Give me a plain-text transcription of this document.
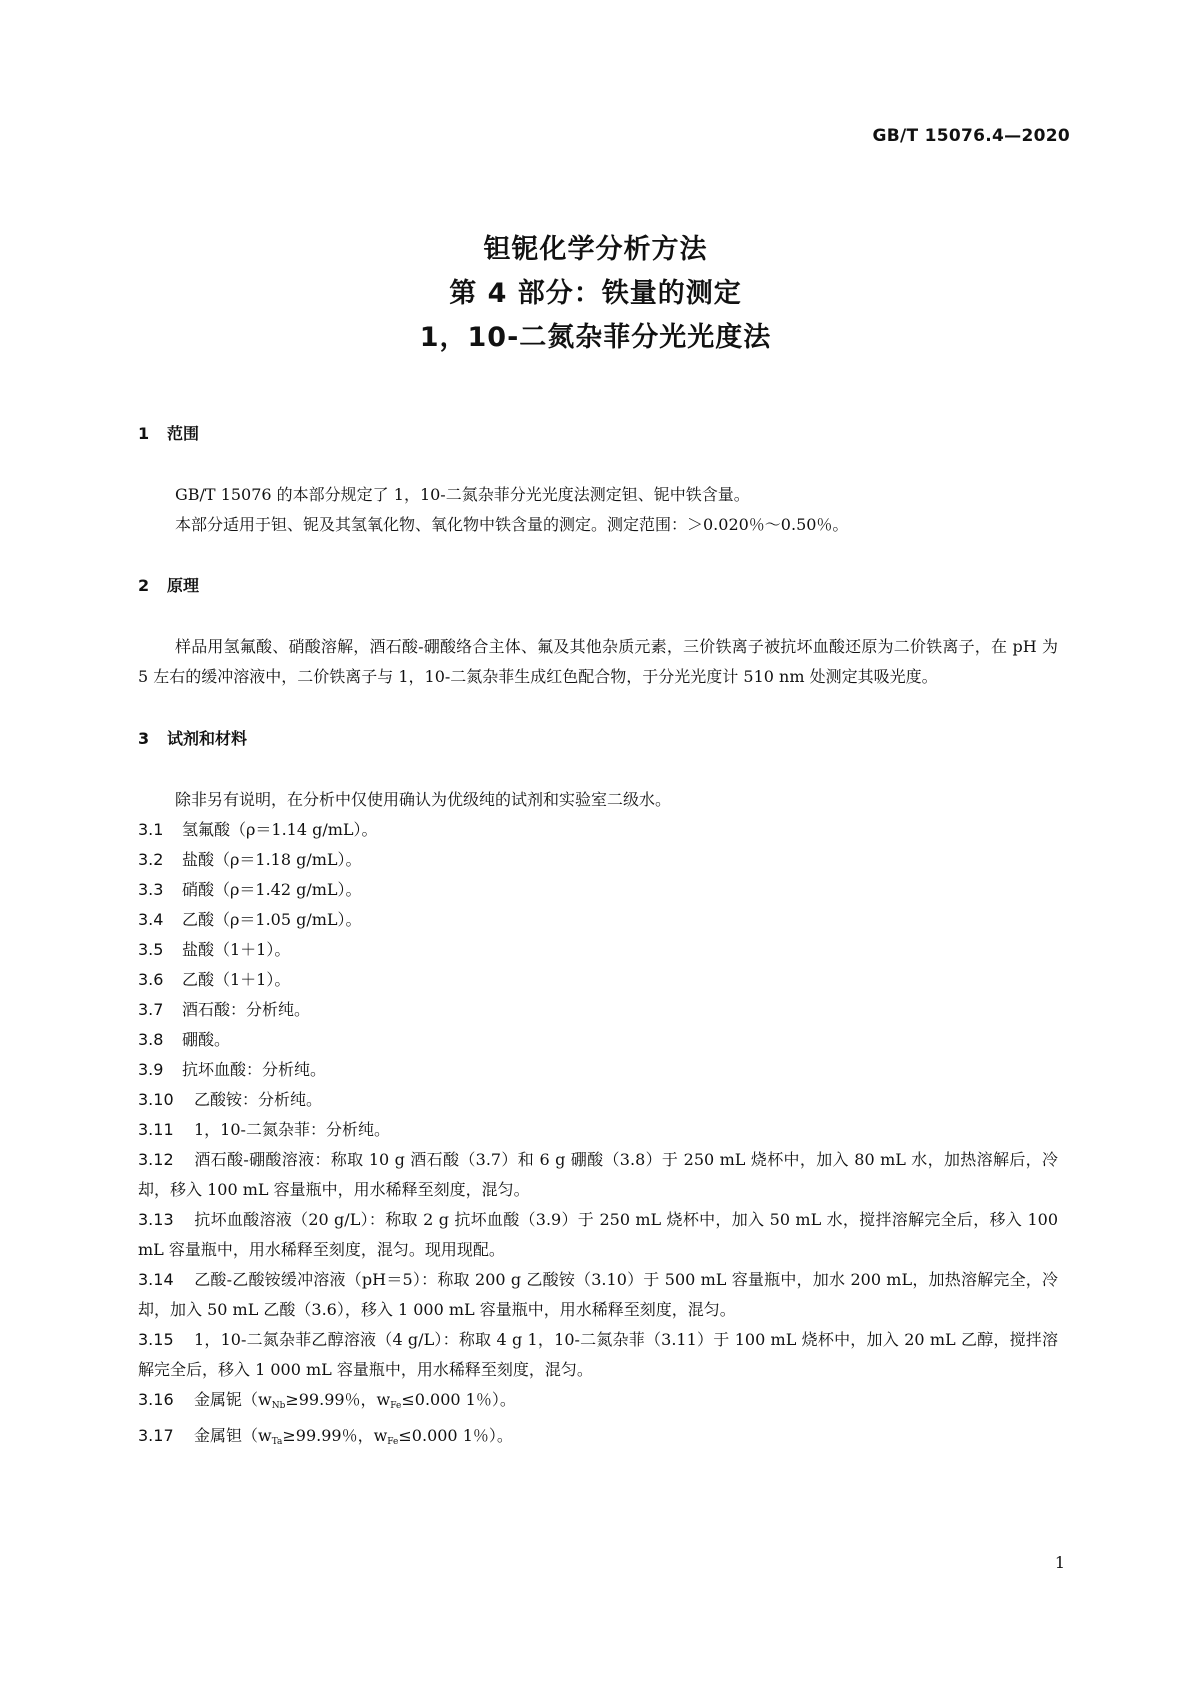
GB/T 15076.4—2020
钽铌化学分析方法
第 4 部分：铁量的测定
1，10-二氮杂菲分光光度法
1 范围
GB/T 15076 的本部分规定了 1，10-二氮杂菲分光光度法测定钽、铌中铁含量。
本部分适用于钽、铌及其氢氧化物、氧化物中铁含量的测定。测定范围：＞0.020％～0.50％。
2 原理
样品用氢氟酸、硝酸溶解，酒石酸-硼酸络合主体、氟及其他杂质元素，三价铁离子被抗坏血酸还原为二价铁离子，在 pH 为 5 左右的缓冲溶液中，二价铁离子与 1，10-二氮杂菲生成红色配合物，于分光光度计 510 nm 处测定其吸光度。
3 试剂和材料
除非另有说明，在分析中仅使用确认为优级纯的试剂和实验室二级水。
3.1 氢氟酸（ρ＝1.14 g/mL）。
3.2 盐酸（ρ＝1.18 g/mL）。
3.3 硝酸（ρ＝1.42 g/mL）。
3.4 乙酸（ρ＝1.05 g/mL）。
3.5 盐酸（1＋1）。
3.6 乙酸（1＋1）。
3.7 酒石酸：分析纯。
3.8 硼酸。
3.9 抗坏血酸：分析纯。
3.10 乙酸铵：分析纯。
3.11 1，10-二氮杂菲：分析纯。
3.12 酒石酸-硼酸溶液：称取 10 g 酒石酸（3.7）和 6 g 硼酸（3.8）于 250 mL 烧杯中，加入 80 mL 水，加热溶解后，冷却，移入 100 mL 容量瓶中，用水稀释至刻度，混匀。
3.13 抗坏血酸溶液（20 g/L）：称取 2 g 抗坏血酸（3.9）于 250 mL 烧杯中，加入 50 mL 水，搅拌溶解完全后，移入 100 mL 容量瓶中，用水稀释至刻度，混匀。现用现配。
3.14 乙酸-乙酸铵缓冲溶液（pH＝5）：称取 200 g 乙酸铵（3.10）于 500 mL 容量瓶中，加水 200 mL，加热溶解完全，冷却，加入 50 mL 乙酸（3.6），移入 1 000 mL 容量瓶中，用水稀释至刻度，混匀。
3.15 1，10-二氮杂菲乙醇溶液（4 g/L）：称取 4 g 1，10-二氮杂菲（3.11）于 100 mL 烧杯中，加入 20 mL 乙醇，搅拌溶解完全后，移入 1 000 mL 容量瓶中，用水稀释至刻度，混匀。
3.16 金属铌（$w_{Nb}\ge 99.99$％，$w_{Fe}\le 0.000$ 1％）。
3.17 金属钽（$w_{Ta}\ge 99.99$％，$w_{Fe}\le 0.000$ 1％）。
1
